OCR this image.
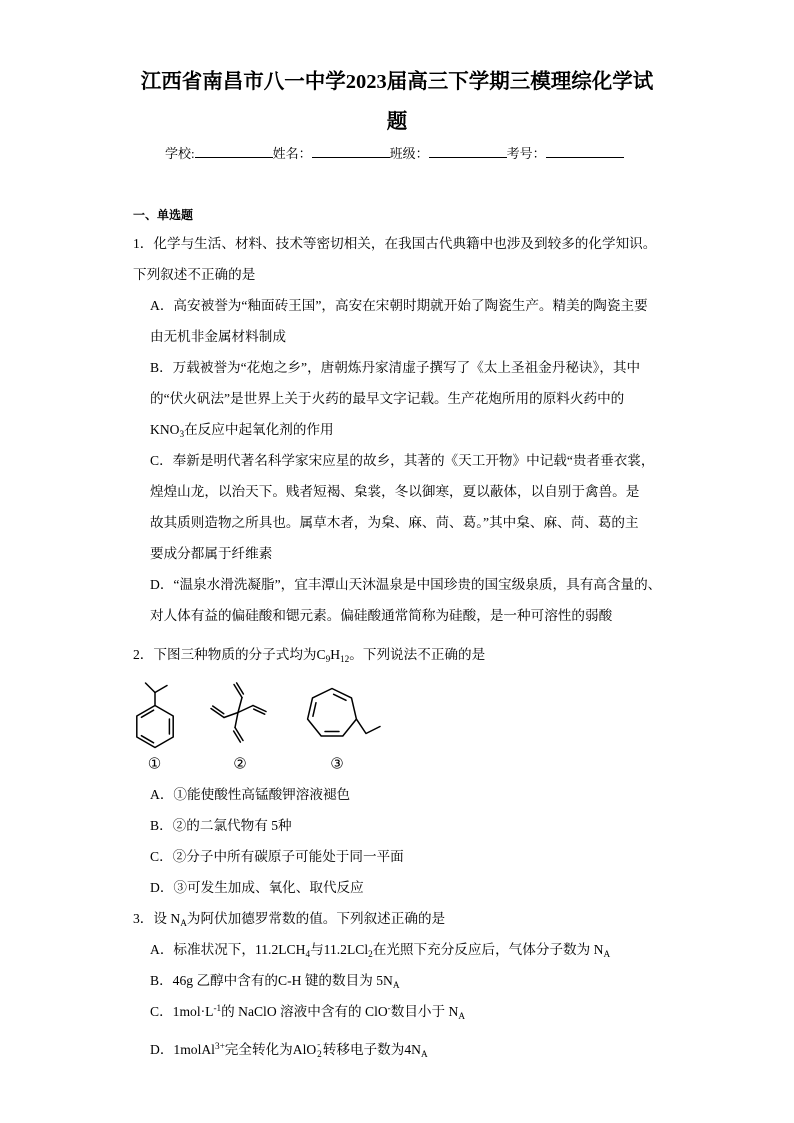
江西省南昌市八一中学2023届高三下学期三模理综化学试
题
学校:	姓名：	班级：	考号：
一、单选题
1．化学与生活、材料、技术等密切相关，在我国古代典籍中也涉及到较多的化学知识。
下列叙述不正确的是
A．高安被誉为“釉面砖王国”，高安在宋朝时期就开始了陶瓷生产。精美的陶瓷主要
由无机非金属材料制成
B．万载被誉为“花炮之乡”，唐朝炼丹家清虚子撰写了《太上圣祖金丹秘诀》，其中
的“伏火矾法”是世界上关于火药的最早文字记载。生产花炮所用的原料火药中的
$KNO_3$在反应中起氧化剂的作用
C．奉新是明代著名科学家宋应星的故乡，其著的《天工开物》中记载“贵者垂衣裳，
煌煌山龙，以治天下。贱者短褐、枲裳，冬以御寒，夏以蔽体，以自别于禽兽。是
故其质则造物之所具也。属草木者，为枲、麻、苘、葛。”其中枲、麻、苘、葛的主
要成分都属于纤维素
D．“温泉水滑洗凝脂”，宜丰潭山天沐温泉是中国珍贵的国宝级泉质，具有高含量的、
对人体有益的偏硅酸和锶元素。偏硅酸通常简称为硅酸，是一种可溶性的弱酸
2．下图三种物质的分子式均为$C_9H_{12}$。下列说法不正确的是
①	②	③
A．①能使酸性高锰酸钾溶液褪色
B．②的二氯代物有 5种
C．②分子中所有碳原子可能处于同一平面
D．③可发生加成、氧化、取代反应
3．设 $N_A$为阿伏加德罗常数的值。下列叙述正确的是
A．标准状况下，$11.2LCH_4$与11.2LCl$_2$在光照下充分反应后，气体分子数为 $N_A$
B．46g 乙醇中含有的C-H 键的数目为 $5N_A$
C．$1mol\cdot L^{-1}$的 NaClO 溶液中含有的 ClO-数目小于 $N_A$
D．1molAl$^{3+}$完全转化为AlO -
2 转移电子数为$4N_A$
